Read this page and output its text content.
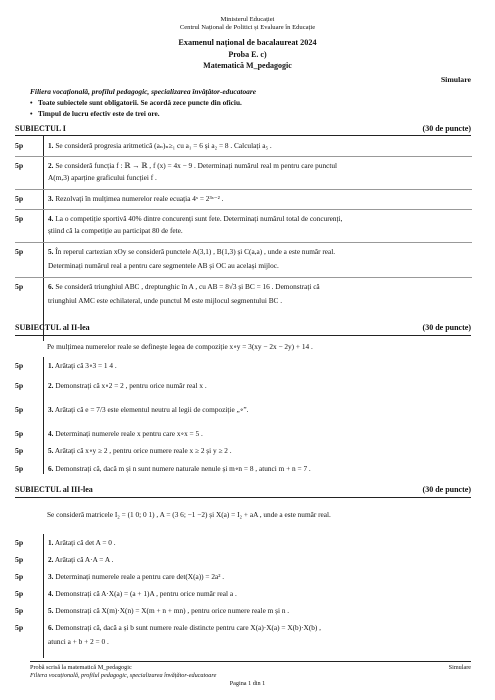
Ministerul Educației
Centrul Național de Politici și Evaluare în Educație
Examenul național de bacalaureat 2024
Proba E. c)
Matematică M_pedagogic
Simulare
Filiera vocațională, profilul pedagogic, specializarea învățător-educatoare
• Toate subiectele sunt obligatorii. Se acordă zece puncte din oficiu.
• Timpul de lucru efectiv este de trei ore.
SUBIECTUL I	(30 de puncte)
5p	1. Se consideră progresia aritmetică (aₙ)ₙ≥₁ cu a₁ = 6 și a₂ = 8 . Calculați a₅ .
5p	2. Se consideră funcția f : ℝ → ℝ , f (x) = 4x − 9 . Determinați numărul real m pentru care punctul
A(m,3) aparține graficului funcției f .
5p	3. Rezolvați în mulțimea numerelor reale ecuația 4ˣ = 2³ˣ⁻² .
5p	4. La o competiție sportivă 40% dintre concurenți sunt fete. Determinați numărul total de concurenți,
știind că la competiție au participat 80 de fete.
5p	5. În reperul cartezian xOy se consideră punctele A(3,1) , B(1,3) și C(a,a) , unde a este număr real.
Determinați numărul real a pentru care segmentele AB și OC au același mijloc.
5p	6. Se consideră triunghiul ABC , dreptunghic în A , cu AB = 8√3 și BC = 16 . Demonstrați că
triunghiul AMC este echilateral, unde punctul M este mijlocul segmentului BC .
SUBIECTUL al II-lea	(30 de puncte)
Pe mulțimea numerelor reale se definește legea de compoziție x∘y = 3(xy − 2x − 2y) + 14 .
5p	1. Arătați că 3∘3 = 1 4 .
5p	2. Demonstrați că x∘2 = 2 , pentru orice număr real x .
5p	3. Arătați că e = 7/3 este elementul neutru al legii de compoziție „∘”.
5p	4. Determinați numerele reale x pentru care x∘x = 5 .
5p	5. Arătați că x∘y ≥ 2 , pentru orice numere reale x ≥ 2 și y ≥ 2 .
5p	6. Demonstrați că, dacă m și n sunt numere naturale nenule și m∘n = 8 , atunci m + n = 7 .
SUBIECTUL al III-lea	(30 de puncte)
Se consideră matricele I₂ = (1 0; 0 1) , A = (3 6; −1 −2) și X(a) = I₂ + aA , unde a este număr real.
5p	1. Arătați că det A = 0 .
5p	2. Arătați că A·A = A .
5p	3. Determinați numerele reale a pentru care det(X(a)) = 2a² .
5p	4. Demonstrați că A·X(a) = (a + 1)A , pentru orice număr real a .
5p	5. Demonstrați că X(m)·X(n) = X(m + n + mn) , pentru orice numere reale m și n .
5p	6. Demonstrați că, dacă a și b sunt numere reale distincte pentru care X(a)·X(a) = X(b)·X(b) ,
atunci a + b + 2 = 0 .
Probă scrisă la matematică M_pedagogic
Filiera vocațională, profilul pedagogic, specializarea învățător-educatoare
Simulare
Pagina 1 din 1
